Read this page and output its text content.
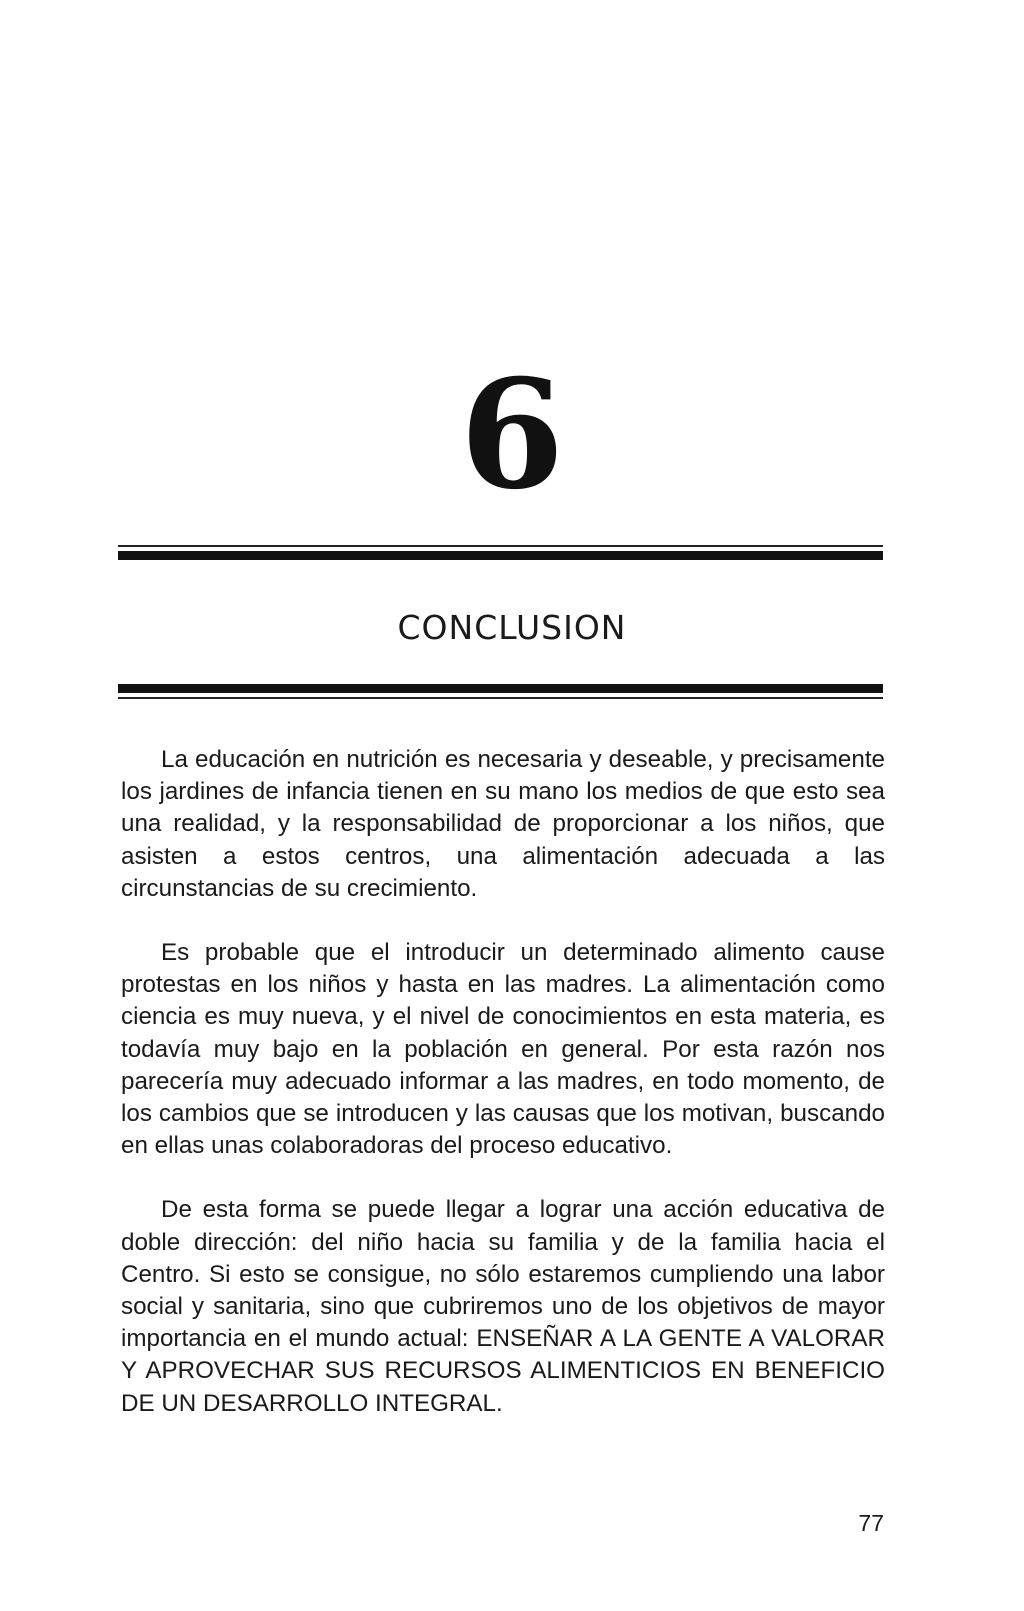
6
CONCLUSION

La educación en nutrición es necesaria y deseable, y precisamente los jardines de infancia tienen en su mano los medios de que esto sea una realidad, y la responsabilidad de proporcionar a los niños, que asisten a estos centros, una alimentación adecuada a las circunstancias de su crecimiento.

Es probable que el introducir un determinado alimento cause protestas en los niños y hasta en las madres. La alimentación como ciencia es muy nueva, y el nivel de conocimientos en esta materia, es todavía muy bajo en la población en general. Por esta razón nos parecería muy adecuado informar a las madres, en todo momento, de los cambios que se introducen y las causas que los motivan, buscando en ellas unas colaboradoras del proceso educativo.

De esta forma se puede llegar a lograr una acción educativa de doble dirección: del niño hacia su familia y de la familia hacia el Centro. Si esto se consigue, no sólo estaremos cumpliendo una labor social y sanitaria, sino que cubriremos uno de los objetivos de mayor importancia en el mundo actual: ENSEÑAR A LA GENTE A VALORAR Y APROVECHAR SUS RECURSOS ALIMENTICIOS EN BENEFICIO DE UN DESARROLLO INTEGRAL.

77
